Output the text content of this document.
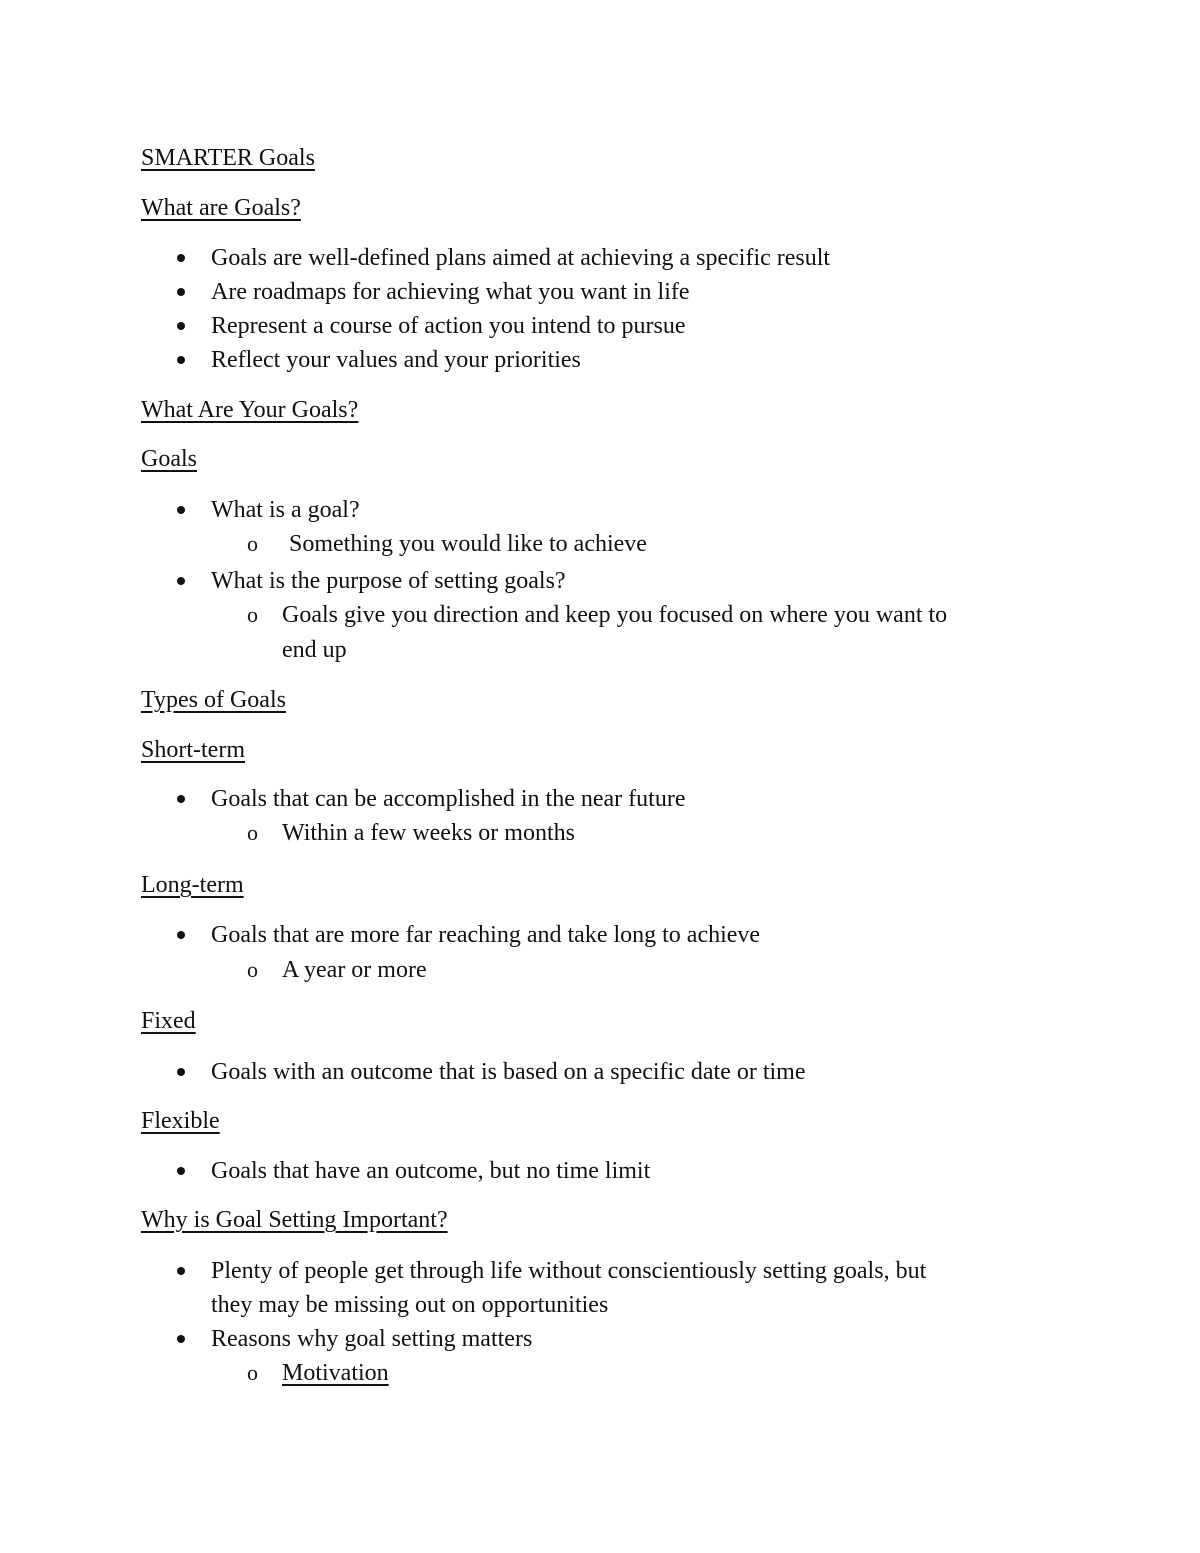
SMARTER Goals
What are Goals?
Goals are well-defined plans aimed at achieving a specific result
Are roadmaps for achieving what you want in life
Represent a course of action you intend to pursue
Reflect your values and your priorities
What Are Your Goals?
Goals
What is a goal?
o Something you would like to achieve
What is the purpose of setting goals?
o Goals give you direction and keep you focused on where you want to
end up
Types of Goals
Short-term
Goals that can be accomplished in the near future
o Within a few weeks or months
Long-term
Goals that are more far reaching and take long to achieve
o A year or more
Fixed
Goals with an outcome that is based on a specific date or time
Flexible
Goals that have an outcome, but no time limit
Why is Goal Setting Important?
Plenty of people get through life without conscientiously setting goals, but
they may be missing out on opportunities
Reasons why goal setting matters
o Motivation
